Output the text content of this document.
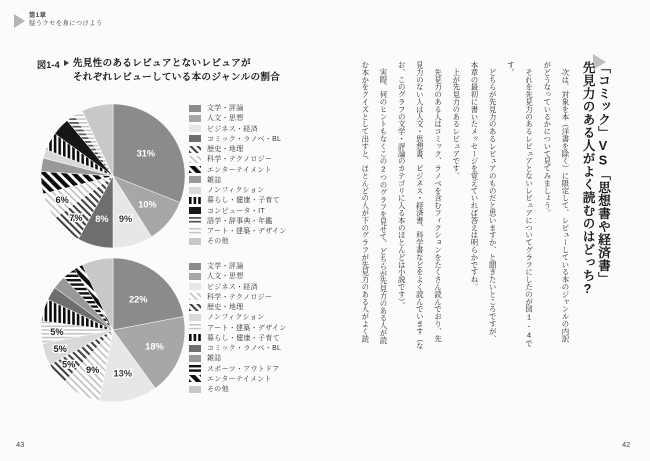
第1章
疑うクセを身につけよう
図1-4 先見性のあるレビュアとないレビュアが
それぞれレビューしている本のジャンルの割合
31%
10%
9%
8%
7%
6%
文学・評論
人文・思想
ビジネス・経済
コミック・ラノベ・BL
歴史・地理
科学・テクノロジー
エンターテイメント
雑誌
ノンフィクション
暮らし・健康・子育て
コンピュータ・IT
語学・辞事典・年鑑
アート・建築・デザイン
その他
22%
18%
13%
9%
5%
5%
5%
文学・評論
人文・思想
ビジネス・経済
科学・テクノロジー
歴史・地理
ノンフィクション
アート・建築・デザイン
暮らし・健康・子育て
コミック・ラノベ・BL
雑誌
スポーツ・アウトドア
エンターテイメント
その他
43

「コミック」VS「思想書や経済書」

先見力のある人がよく読むのはどっち?

　次は、対象を本（洋書を除く）に限定して、レビューしている本のジャンルの内訳

がどうなっているかについて見てみましょう。

　それを先見力のあるレビュアとないレビュアについてグラフにしたのが図1-4で

す。

　どちらが先見力のあるレビュアのものだと思いますか、と聞きたいところですが、

本章の最初に書いたメッセージを覚えていれば答えは明らかですね。

　上が先見力のあるレビュアです。

　先見力のある人はコミック、ラノベを含むフィクションをたくさん読んでおり、先

見力のない人は人文・思想書、ビジネス・経済書、科学書などをよく読んでいます（な

お、このグラフの文学・評論のカテゴリに入る本のほとんどは小説です）。

　実際、何のヒントもなくこの2つのグラフを見せて、どちらが先見力のある人が読

む本かをクイズとして出すと、ほとんどの人が下のグラフが先見力のある人がよく読

42
